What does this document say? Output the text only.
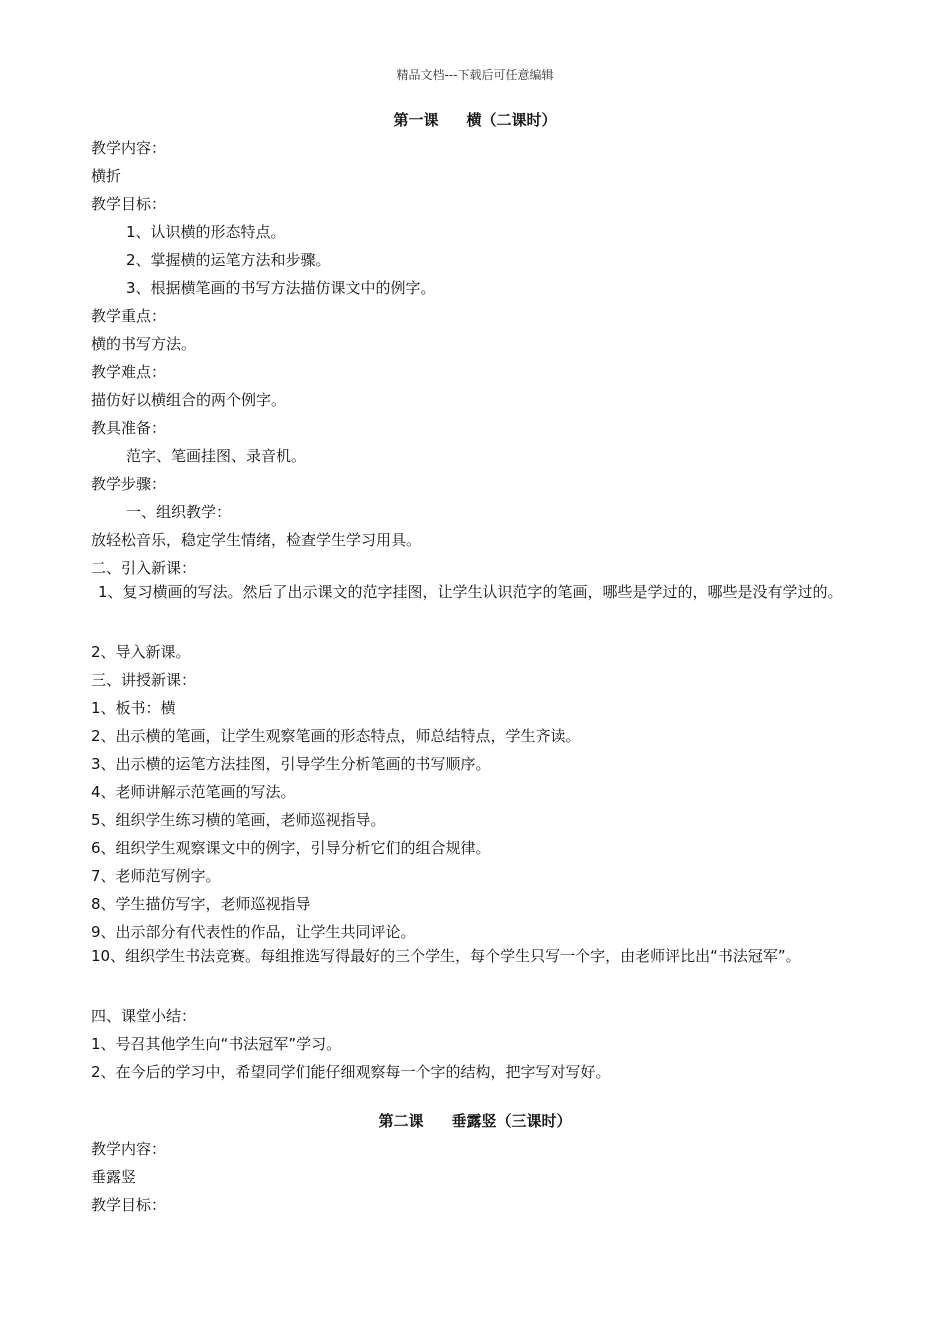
精品文档---下载后可任意编辑
第一课 横（二课时）
教学内容：
横折
教学目标：
1、认识横的形态特点。
2、掌握横的运笔方法和步骤。
3、根据横笔画的书写方法描仿课文中的例字。
教学重点：
横的书写方法。
教学难点：
描仿好以横组合的两个例字。
教具准备：
范字、笔画挂图、录音机。
教学步骤：
一、组织教学：
放轻松音乐，稳定学生情绪，检查学生学习用具。
二、引入新课：
1、复习横画的写法。然后了出示课文的范字挂图，让学生认识范字的笔画，哪些是学过的，哪些是没有学过的。
2、导入新课。
三、讲授新课：
1、板书：横
2、出示横的笔画，让学生观察笔画的形态特点，师总结特点，学生齐读。
3、出示横的运笔方法挂图，引导学生分析笔画的书写顺序。
4、老师讲解示范笔画的写法。
5、组织学生练习横的笔画，老师巡视指导。
6、组织学生观察课文中的例字，引导分析它们的组合规律。
7、老师范写例字。
8、学生描仿写字，老师巡视指导
9、出示部分有代表性的作品，让学生共同评论。
10、组织学生书法竞赛。每组推选写得最好的三个学生，每个学生只写一个字，由老师评比出“书法冠军”。
四、课堂小结：
1、号召其他学生向“书法冠军”学习。
2、在今后的学习中，希望同学们能仔细观察每一个字的结构，把字写对写好。
第二课 垂露竖（三课时）
教学内容：
垂露竖
教学目标：
